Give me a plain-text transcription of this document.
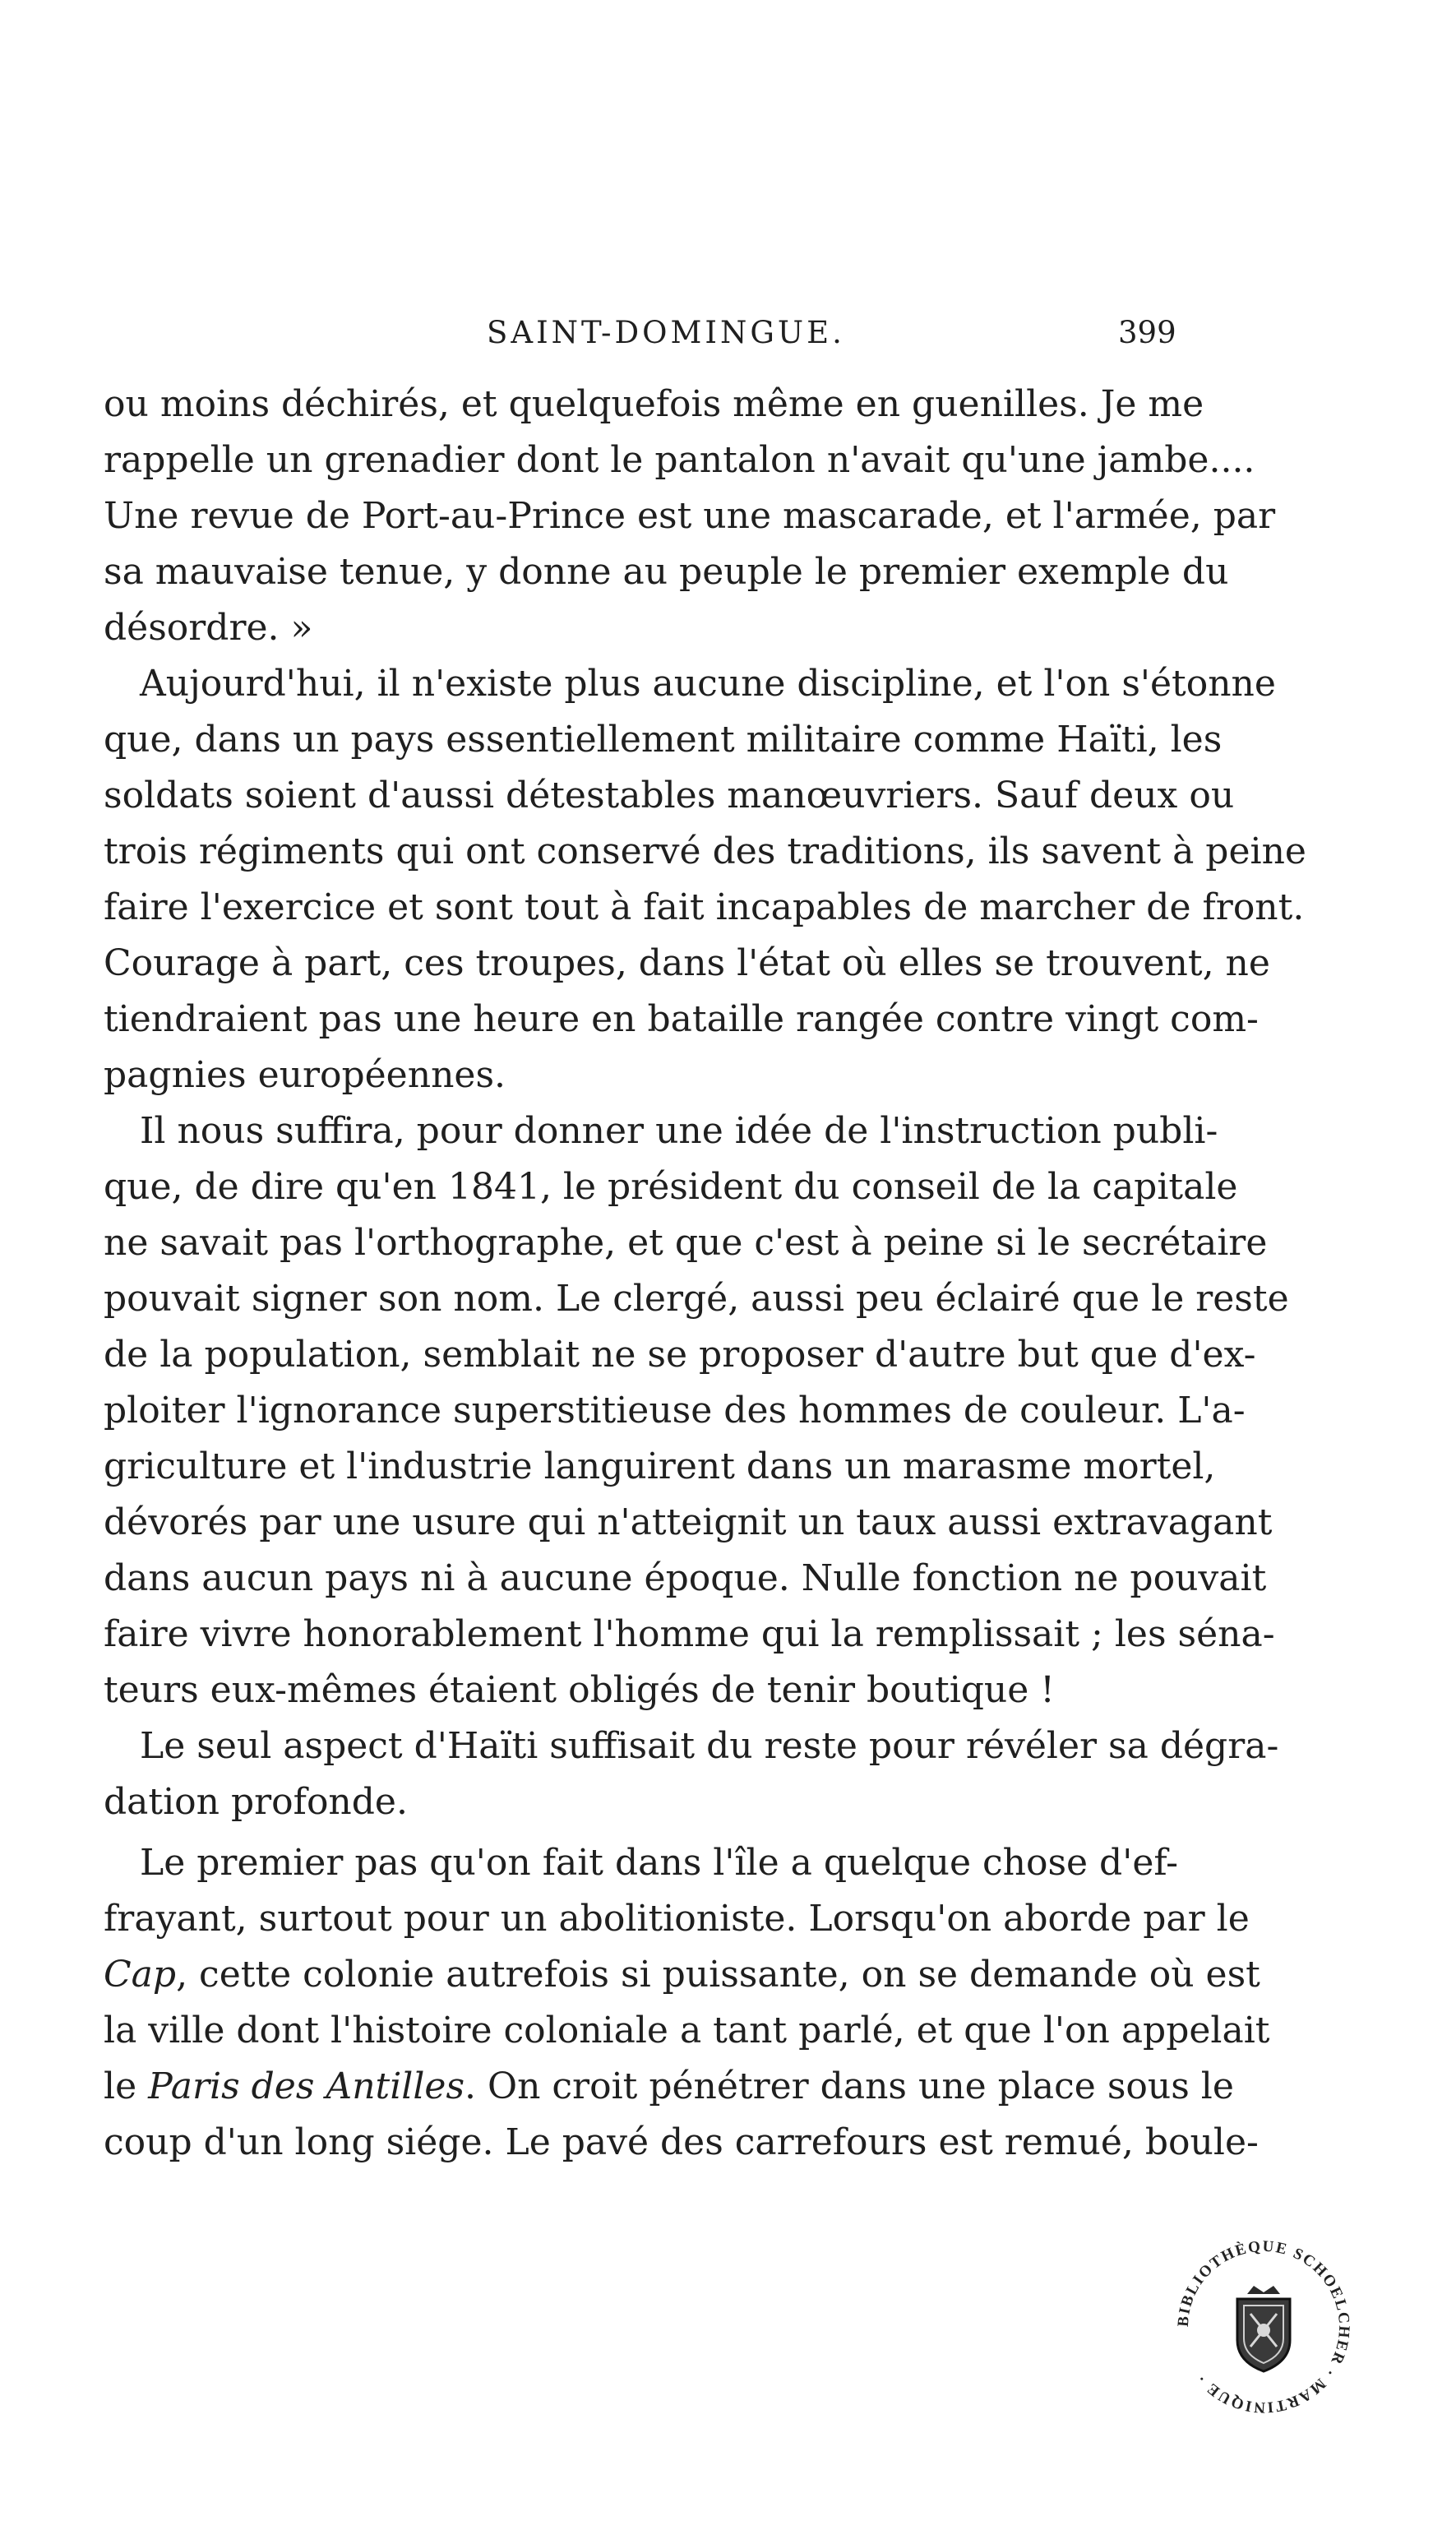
SAINT-DOMINGUE.	399
ou moins déchirés, et quelquefois même en guenilles. Je me
rappelle un grenadier dont le pantalon n'avait qu'une jambe....
Une revue de Port-au-Prince est une mascarade, et l'armée, par
sa mauvaise tenue, y donne au peuple le premier exemple du
désordre. »
Aujourd'hui, il n'existe plus aucune discipline, et l'on s'étonne
que, dans un pays essentiellement militaire comme Haïti, les
soldats soient d'aussi détestables manœuvriers. Sauf deux ou
trois régiments qui ont conservé des traditions, ils savent à peine
faire l'exercice et sont tout à fait incapables de marcher de front.
Courage à part, ces troupes, dans l'état où elles se trouvent, ne
tiendraient pas une heure en bataille rangée contre vingt com-
pagnies européennes.
Il nous suffira, pour donner une idée de l'instruction publi-
que, de dire qu'en 1841, le président du conseil de la capitale
ne savait pas l'orthographe, et que c'est à peine si le secrétaire
pouvait signer son nom. Le clergé, aussi peu éclairé que le reste
de la population, semblait ne se proposer d'autre but que d'ex-
ploiter l'ignorance superstitieuse des hommes de couleur. L'a-
griculture et l'industrie languirent dans un marasme mortel,
dévorés par une usure qui n'atteignit un taux aussi extravagant
dans aucun pays ni à aucune époque. Nulle fonction ne pouvait
faire vivre honorablement l'homme qui la remplissait ; les séna-
teurs eux-mêmes étaient obligés de tenir boutique !
Le seul aspect d'Haïti suffisait du reste pour révéler sa dégra-
dation profonde.
Le premier pas qu'on fait dans l'île a quelque chose d'ef-
frayant, surtout pour un abolitioniste. Lorsqu'on aborde par le
Cap, cette colonie autrefois si puissante, on se demande où est
la ville dont l'histoire coloniale a tant parlé, et que l'on appelait
le Paris des Antilles. On croit pénétrer dans une place sous le
coup d'un long siége. Le pavé des carrefours est remué, boule-
BIBLIOTHÈQUE SCHOELCHER · MARTINIQUE ·
